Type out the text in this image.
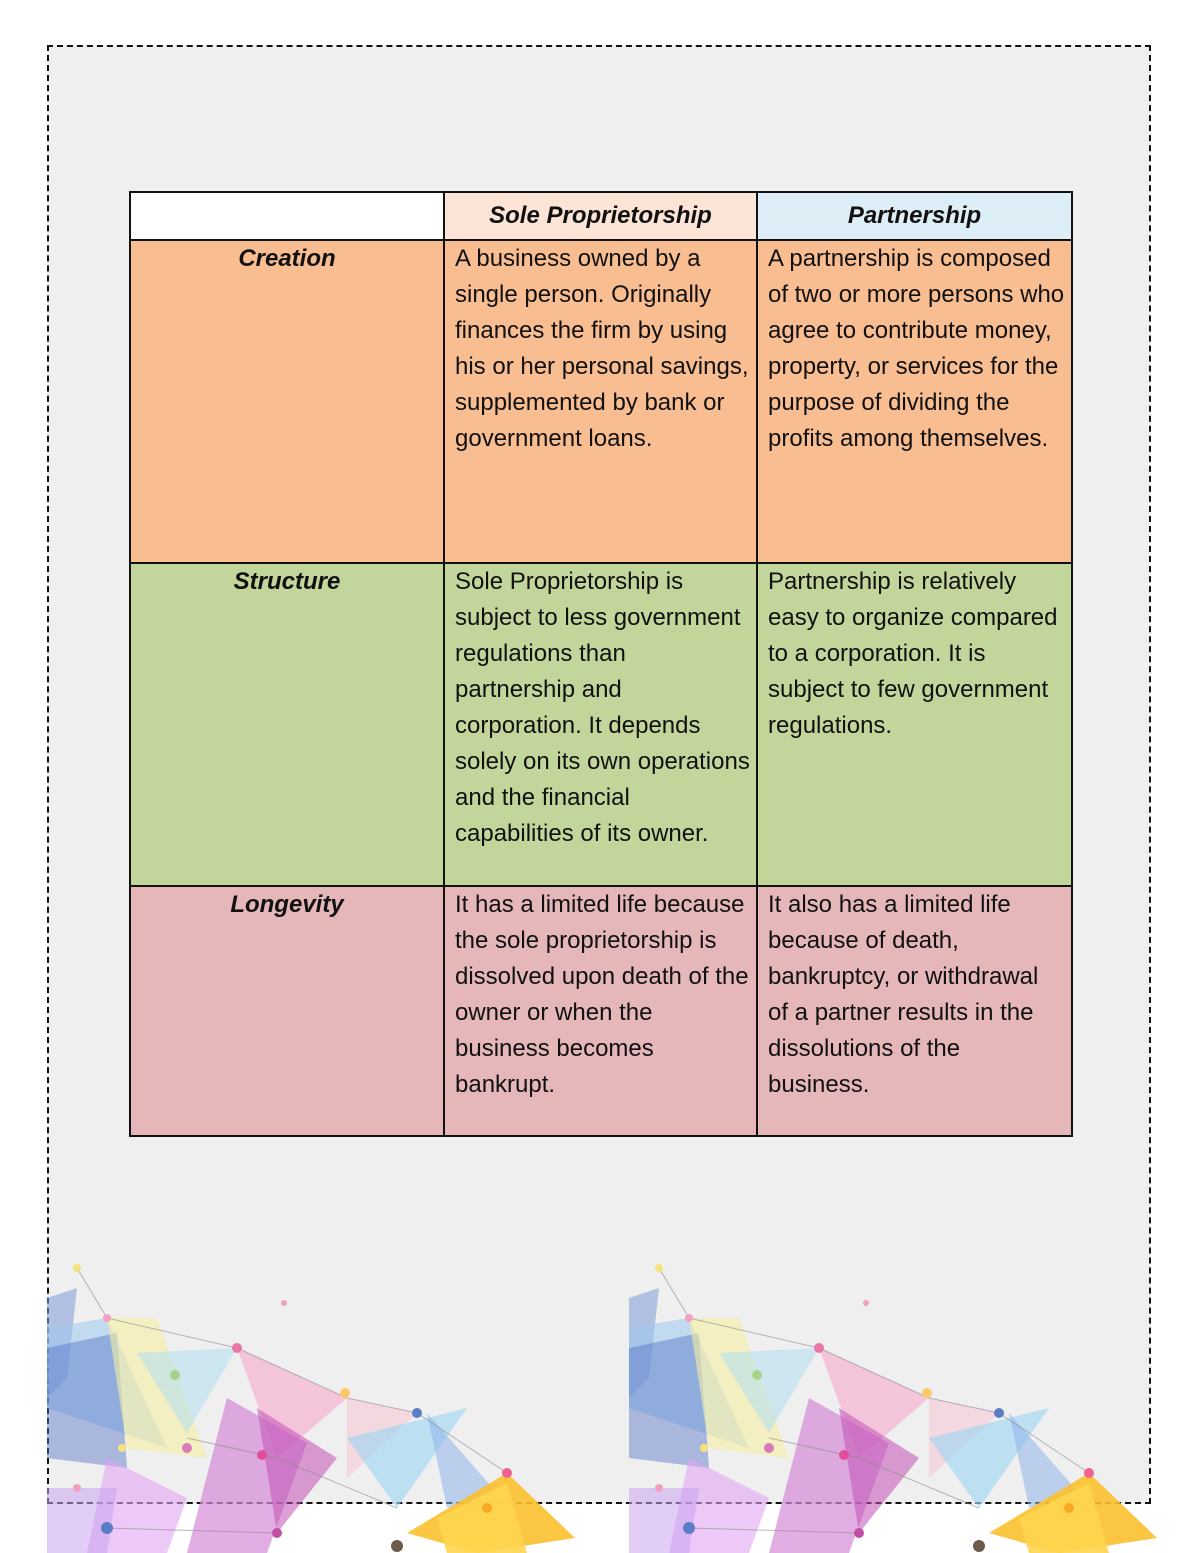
	Sole Proprietorship	Partnership
Creation	A business owned by a single person. Originally finances the firm by using his or her personal savings, supplemented by bank or government loans.	A partnership is composed of two or more persons who agree to contribute money, property, or services for the purpose of dividing the profits among themselves.
Structure	Sole Proprietorship is subject to less government regulations than partnership and corporation. It depends solely on its own operations and the financial capabilities of its owner.	Partnership is relatively easy to organize compared to a corporation. It is subject to few government regulations.
Longevity	It has a limited life because the sole proprietorship is dissolved upon death of the owner or when the business becomes bankrupt.	It also has a limited life because of death, bankruptcy, or withdrawal of a partner results in the dissolutions of the business.
